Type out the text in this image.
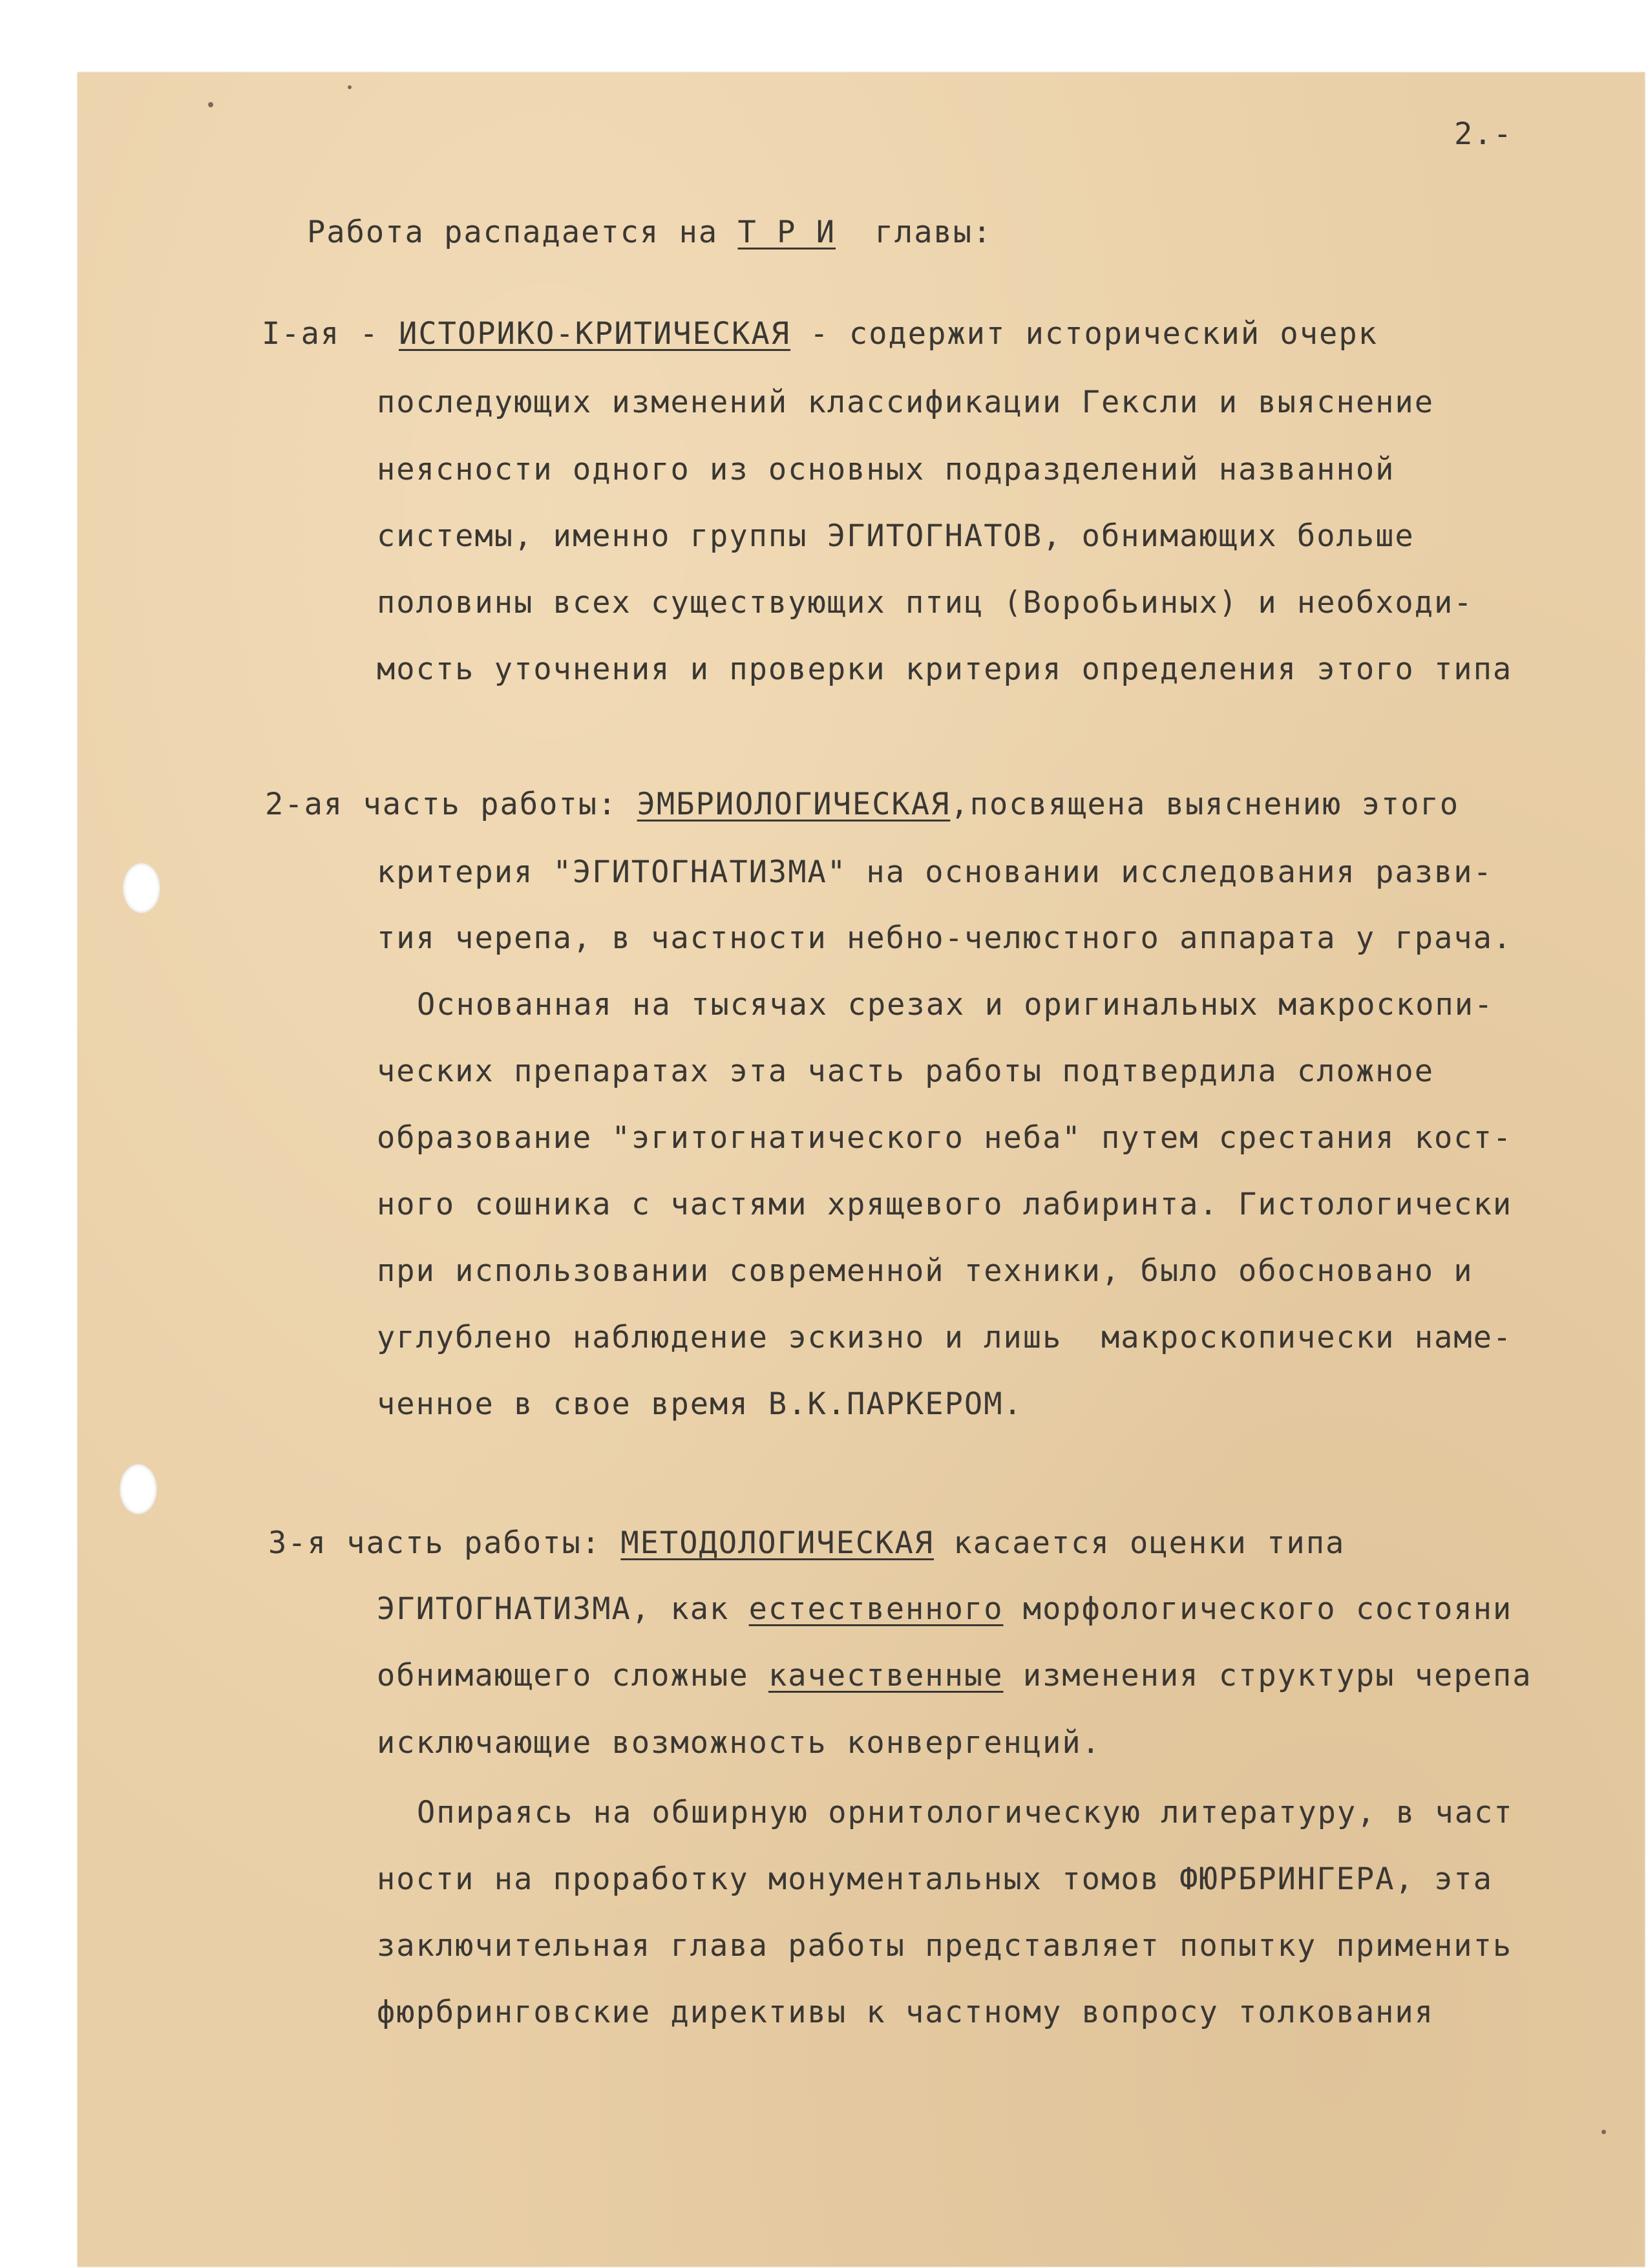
2.-
Работа распадается на Т Р И  главы:
I-ая - ИСТОРИКО-КРИТИЧЕСКАЯ - содержит исторический очерк
последующих изменений классификации Гексли и выяснение
неясности одного из основных подразделений названной
системы, именно группы ЭГИТОГНАТОВ, обнимающих больше
половины всех существующих птиц (Воробьиных) и необходи-
мость уточнения и проверки критерия определения этого типа
2-ая часть работы: ЭМБРИОЛОГИЧЕСКАЯ,посвящена выяснению этого
критерия "ЭГИТОГНАТИЗМА" на основании исследования разви-
тия черепа, в частности небно-челюстного аппарата у грача.
Основанная на тысячах срезах и оригинальных макроскопи-
ческих препаратах эта часть работы подтвердила сложное
образование "эгитогнатического неба" путем срестания кост-
ного сошника с частями хрящевого лабиринта. Гистологически
при использовании современной техники, было обосновано и
углублено наблюдение эскизно и лишь  макроскопически наме-
ченное в свое время В.К.ПАРКЕРОМ.
3-я часть работы: МЕТОДОЛОГИЧЕСКАЯ касается оценки типа
ЭГИТОГНАТИЗМА, как естественного морфологического состояни
обнимающего сложные качественные изменения структуры черепа
исключающие возможность конвергенций.
Опираясь на обширную орнитологическую литературу, в част
ности на проработку монументальных томов ФЮРБРИНГЕРА, эта
заключительная глава работы представляет попытку применить
фюрбринговские директивы к частному вопросу толкования
